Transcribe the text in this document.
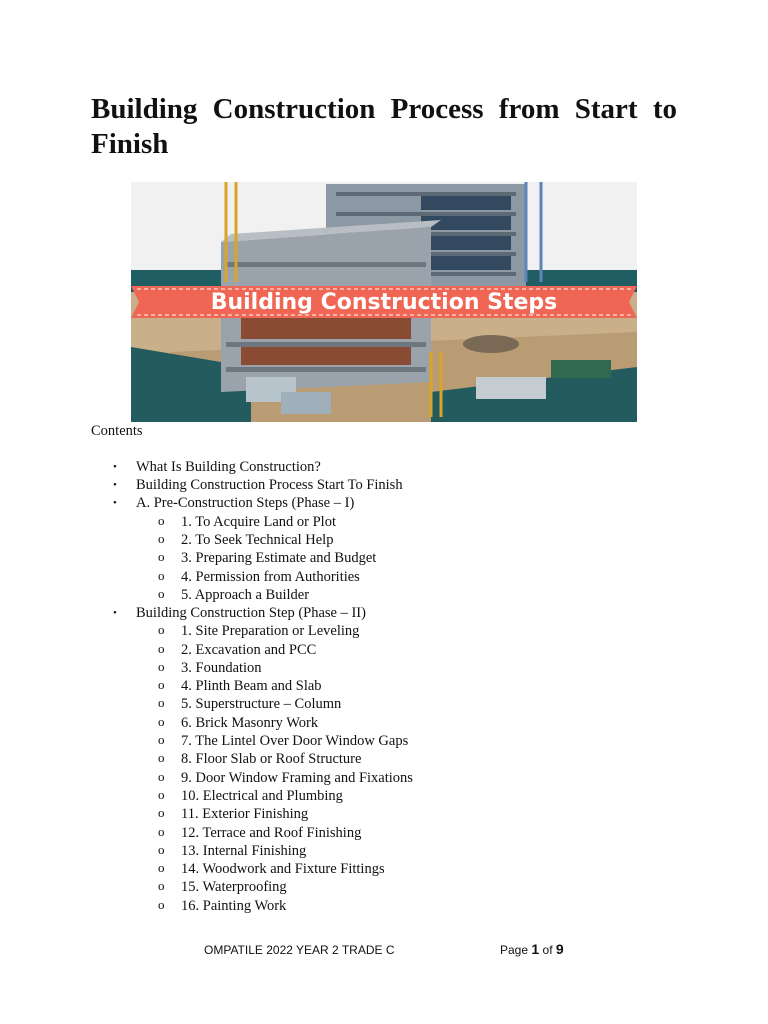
Building Construction Process from Start to Finish
Building Construction Steps
Contents
• What Is Building Construction?
• Building Construction Process Start To Finish
• A. Pre-Construction Steps (Phase – I)
o 1. To Acquire Land or Plot
o 2. To Seek Technical Help
o 3. Preparing Estimate and Budget
o 4. Permission from Authorities
o 5. Approach a Builder
• Building Construction Step (Phase – II)
o 1. Site Preparation or Leveling
o 2. Excavation and PCC
o 3. Foundation
o 4. Plinth Beam and Slab
o 5. Superstructure – Column
o 6. Brick Masonry Work
o 7. The Lintel Over Door Window Gaps
o 8. Floor Slab or Roof Structure
o 9. Door Window Framing and Fixations
o 10. Electrical and Plumbing
o 11. Exterior Finishing
o 12. Terrace and Roof Finishing
o 13. Internal Finishing
o 14. Woodwork and Fixture Fittings
o 15. Waterproofing
o 16. Painting Work
OMPATILE 2022 YEAR 2 TRADE C	Page 1 of 9
